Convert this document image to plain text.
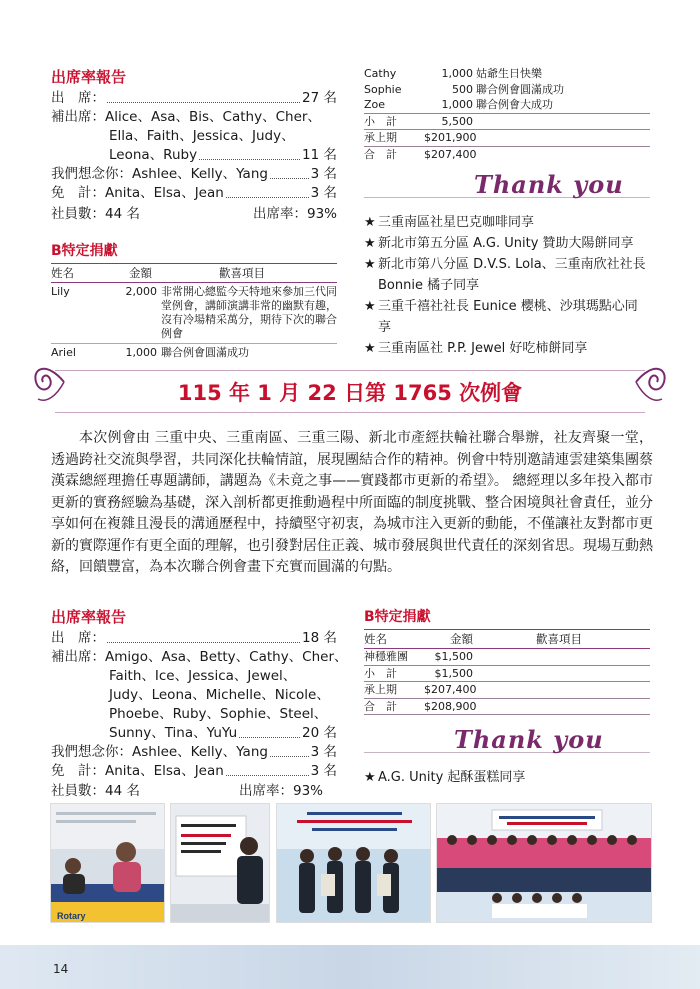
出席率報告
出　席：	27 名
補出席： Alice、Asa、Bis、Cathy、Cher、
Ella、Faith、Jessica、Judy、
Leona、Ruby	11 名
我們想念你： Ashlee、Kelly、Yang	3 名
免　計： Anita、Elsa、Jean	3 名
社員數：44 名	出席率：93%
B特定捐獻
姓名	金額	歡喜項目
Lily	2,000 非常開心總監今天特地來參加三代同堂例會，講師演講非常的幽默有趣，沒有冷場精采萬分，期待下次的聯合例會
Ariel	1,000 聯合例會圓滿成功
Cathy	1,000 姑爺生日快樂
Sophie	500 聯合例會圓滿成功
Zoe	1,000 聯合例會大成功
小　計	5,500
承上期	$201,900
合　計	$207,400
Thank you
★ 三重南區社星巴克咖啡同享
★ 新北市第五分區 A.G. Unity 贊助大陽餅同享
★ 新北市第八分區 D.V.S. Lola、三重南欣社社長 Bonnie 橘子同享
★ 三重千禧社社長 Eunice 櫻桃、沙琪瑪點心同享
★ 三重南區社 P.P. Jewel 好吃柿餅同享
115 年 1 月 22 日第 1765 次例會
本次例會由 三重中央、三重南區、三重三陽、新北市產經扶輪社聯合舉辦，社友齊聚一堂，透過跨社交流與學習，共同深化扶輪情誼，展現團結合作的精神。例會中特別邀請連雲建築集團蔡漢霖總經理擔任專題講師，講題為《未竟之事——實踐都市更新的希望》。 總經理以多年投入都市更新的實務經驗為基礎，深入剖析都更推動過程中所面臨的制度挑戰、整合困境與社會責任，並分享如何在複雜且漫長的溝通歷程中，持續堅守初衷，為城市注入更新的動能，不僅讓社友對都市更新的實際運作有更全面的理解，也引發對居住正義、城市發展與世代責任的深刻省思。現場互動熱絡，回饋豐富，為本次聯合例會畫下充實而圓滿的句點。
出席率報告
出　席：	18 名
補出席： Amigo、Asa、Betty、Cathy、Cher、
Faith、Ice、Jessica、Jewel、
Judy、Leona、Michelle、Nicole、
Phoebe、Ruby、Sophie、Steel、
Sunny、Tina、YuYu	20 名
我們想念你： Ashlee、Kelly、Yang	3 名
免　計： Anita、Elsa、Jean	3 名
社員數：44 名	出席率：93%
B特定捐獻
姓名	金額	歡喜項目
神穩雅團	$1,500
小　計	$1,500
承上期	$207,400
合　計	$208,900
Thank you
★ A.G. Unity 起酥蛋糕同享
Rotary
14
